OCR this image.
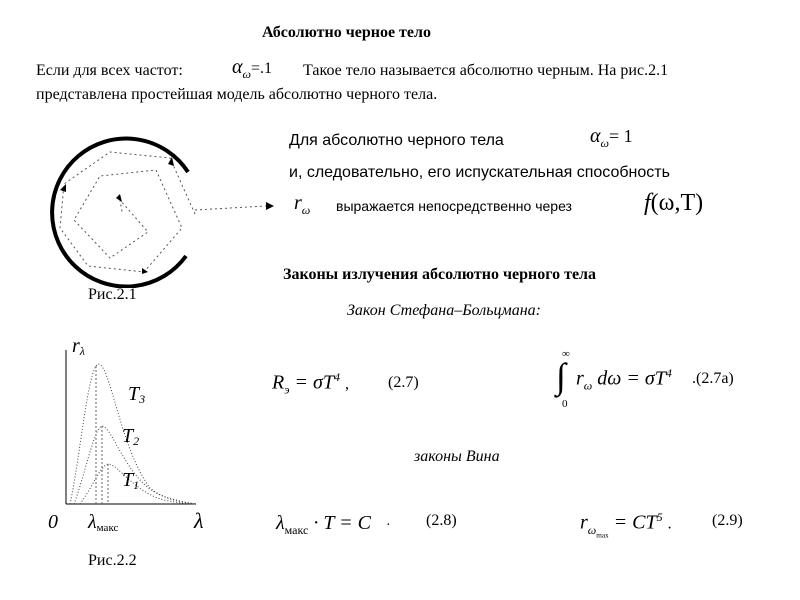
Абсолютно черное тело
Если для всех частот: $\alpha_\omega=.1$ Такое тело называется абсолютно черным. На рис.2.1
представлена простейшая модель абсолютно черного тела.
Рис.2.1
Для абсолютно черного тела	$\alpha_\omega= 1$
и, следовательно, его испускательная способность
$r_\omega$ выражается непосредственно через	f(ω,T)
Законы излучения абсолютно черного тела
Закон Стефана–Больцмана:
$R_э = \sigma T^4$ , (2.7)
∞
∫
0
$r_\omega$ $d\omega = \sigma T^4$ .(2.7a)
законы Вина
$\lambda_{макс} \cdot T = C \cdot (2.8)$	$r_{\omega_{max}} = CT^5$ .	(2.9)
rλ
λ
0 λмакс
T3
T2
T1
Рис.2.2
